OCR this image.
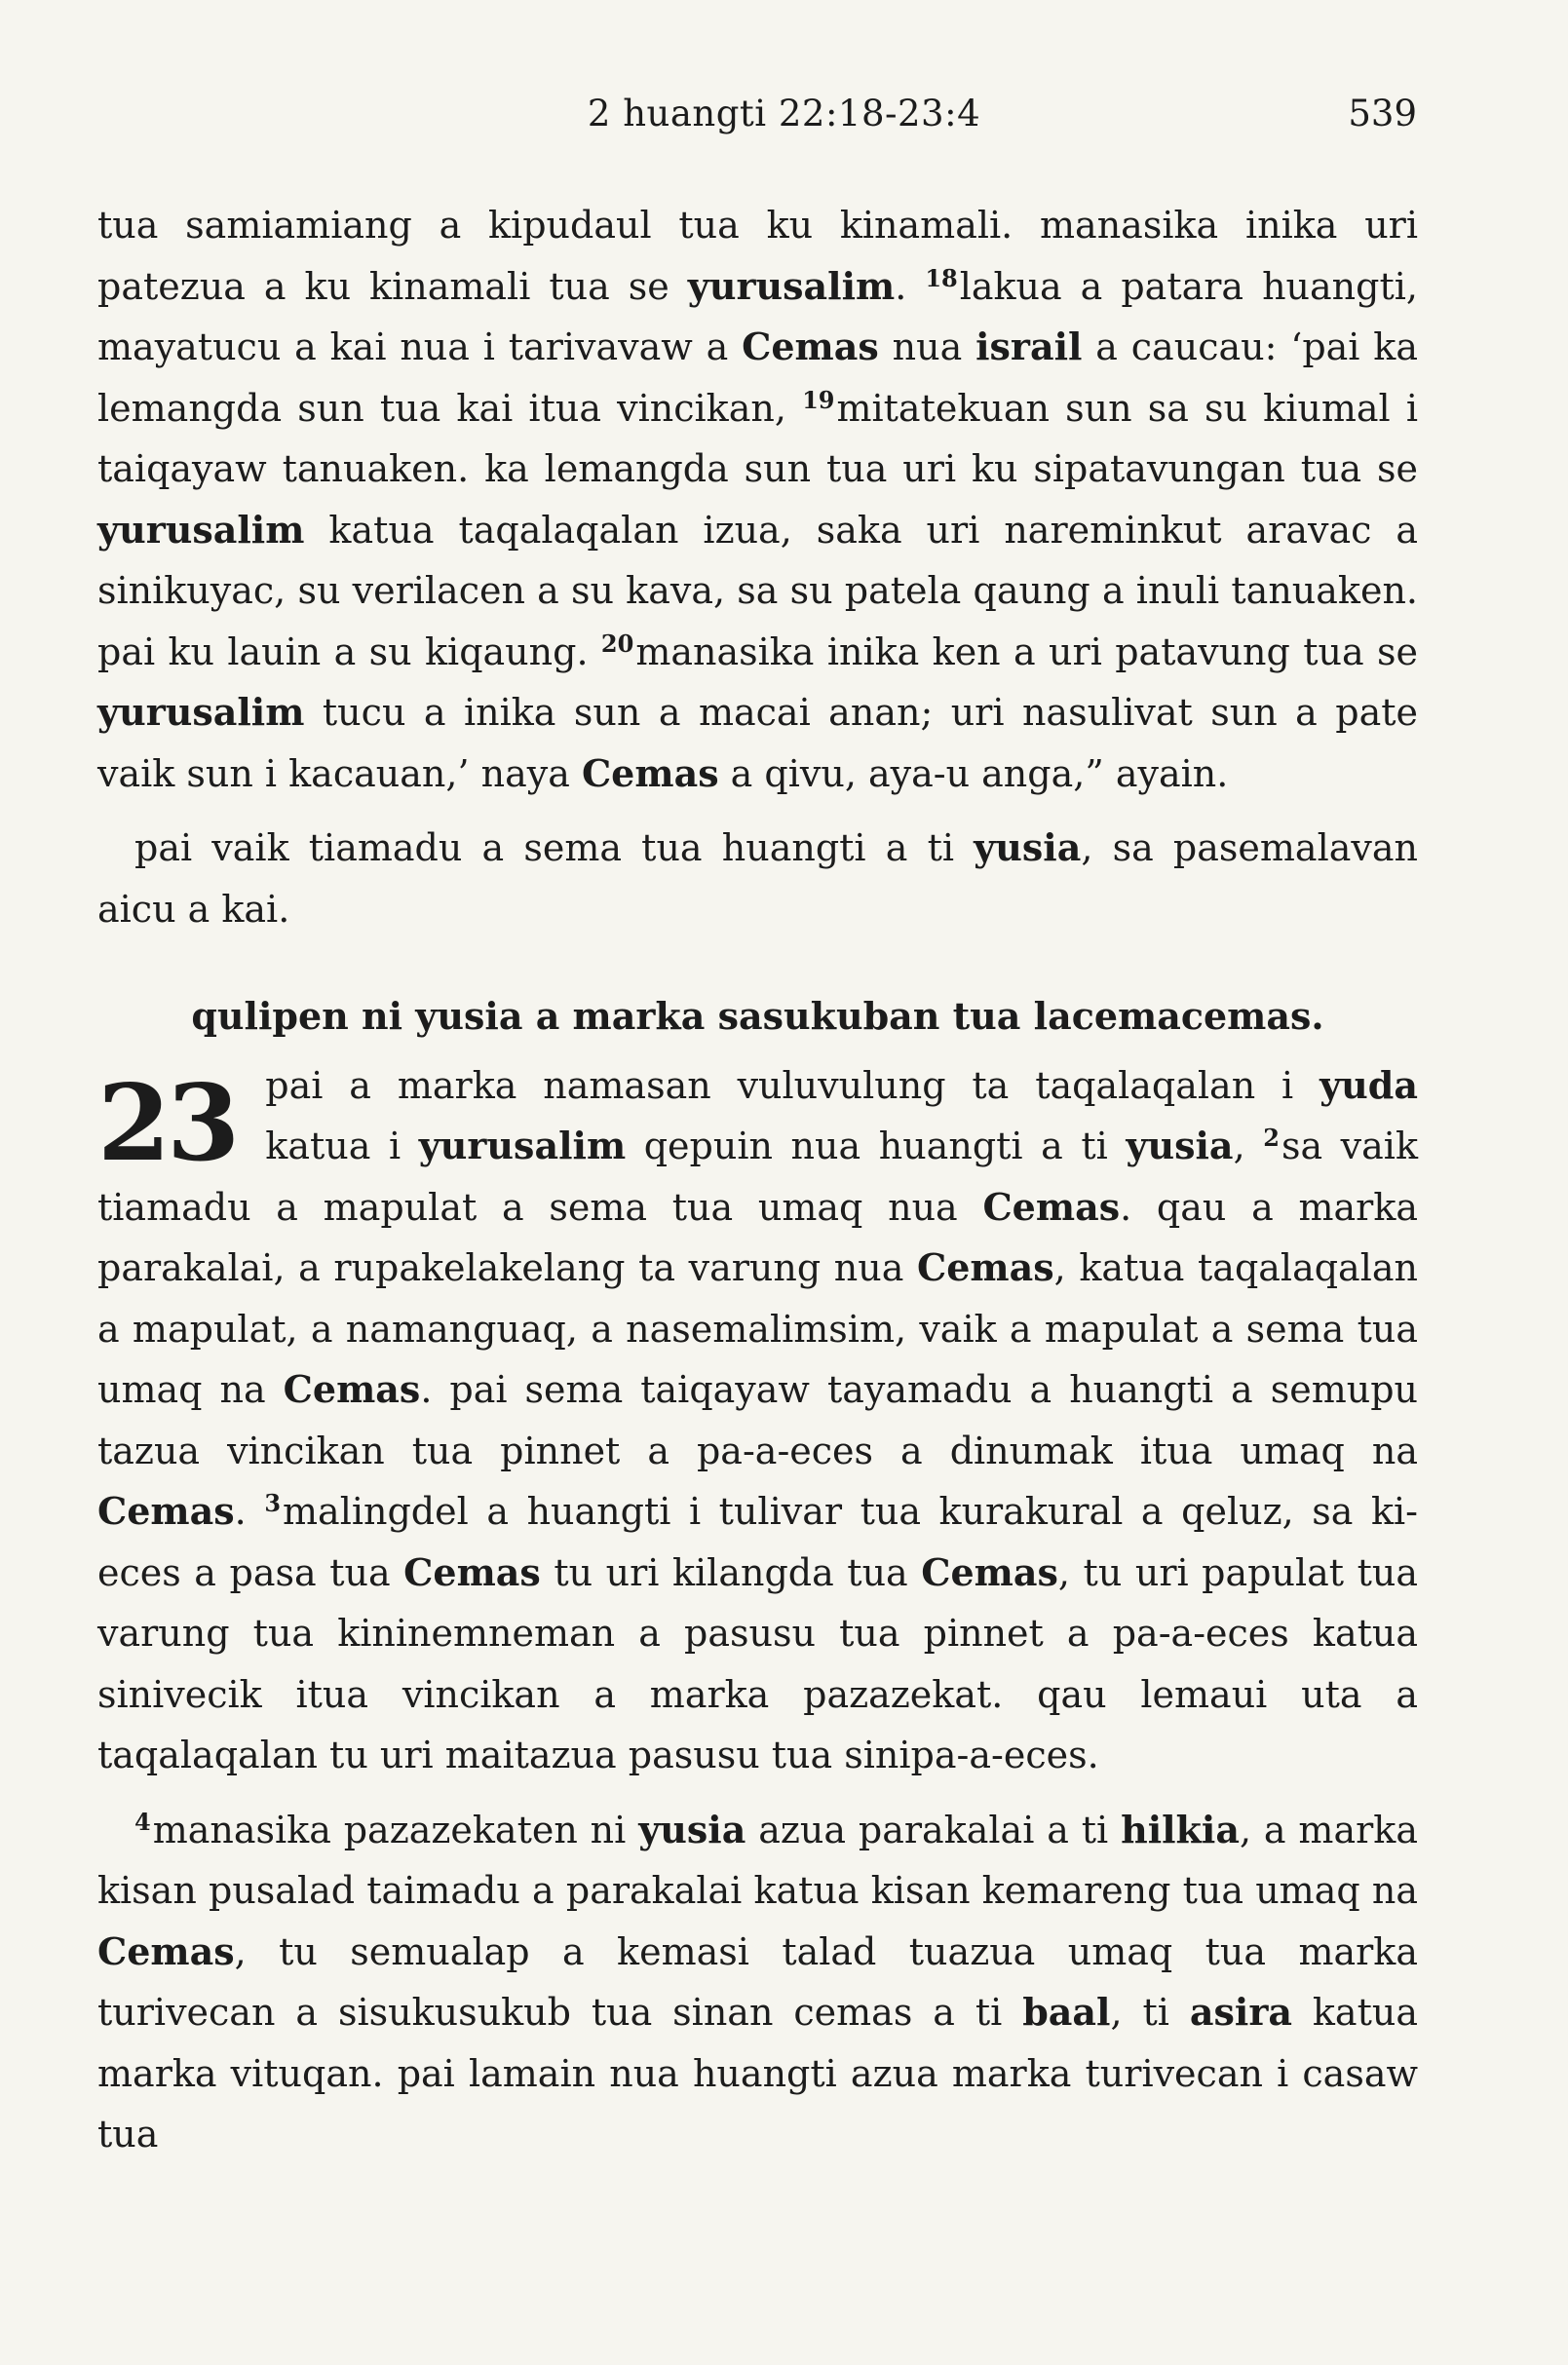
2 huangti 22:18-23:4	539

tua samiamiang a kipudaul tua ku kinamali. manasika inika uri patezua a ku kinamali tua se yurusalim. $^{18}$lakua a patara huangti, mayatucu a kai nua i tarivavaw a Cemas nua israil a caucau: ‘pai ka lemangda sun tua kai itua vincikan, $^{19}$mitatekuan sun sa su kiumal i taiqayaw tanuaken. ka lemangda sun tua uri ku sipatavungan tua se yurusalim katua taqalaqalan izua, saka uri nareminkut aravac a sinikuyac, su verilacen a su kava, sa su patela qaung a inuli tanuaken. pai ku lauin a su kiqaung. $^{20}$manasika inika ken a uri patavung tua se yurusalim tucu a inika sun a macai anan; uri nasulivat sun a pate vaik sun i kacauan,’ naya Cemas a qivu, aya-u anga,” ayain.

pai vaik tiamadu a sema tua huangti a ti yusia, sa pasemalavan aicu a kai.

qulipen ni yusia a marka sasukuban tua lacemacemas.

23 pai a marka namasan vuluvulung ta taqalaqalan i yuda katua i yurusalim qepuin nua huangti a ti yusia, $^2$sa vaik tiamadu a mapulat a sema tua umaq nua Cemas. qau a marka parakalai, a rupakelakelang ta varung nua Cemas, katua taqalaqalan a mapulat, a namanguaq, a nasemalimsim, vaik a mapulat a sema tua umaq na Cemas. pai sema taiqayaw tayamadu a huangti a semupu tazua vincikan tua pinnet a pa-a-eces a dinumak itua umaq na Cemas. $^3$malingdel a huangti i tulivar tua kurakural a qeluz, sa ki-eces a pasa tua Cemas tu uri kilangda tua Cemas, tu uri papulat tua varung tua kininemneman a pasusu tua pinnet a pa-a-eces katua sinivecik itua vincikan a marka pazazekat. qau lemaui uta a taqalaqalan tu uri maitazua pasusu tua sinipa-a-eces.

$^4$manasika pazazekaten ni yusia azua parakalai a ti hilkia, a marka kisan pusalad taimadu a parakalai katua kisan kemareng tua umaq na Cemas, tu semualap a kemasi talad tuazua umaq tua marka turivecan a sisukusukub tua sinan cemas a ti baal, ti asira katua marka vituqan. pai lamain nua huangti azua marka turivecan i casaw tua
